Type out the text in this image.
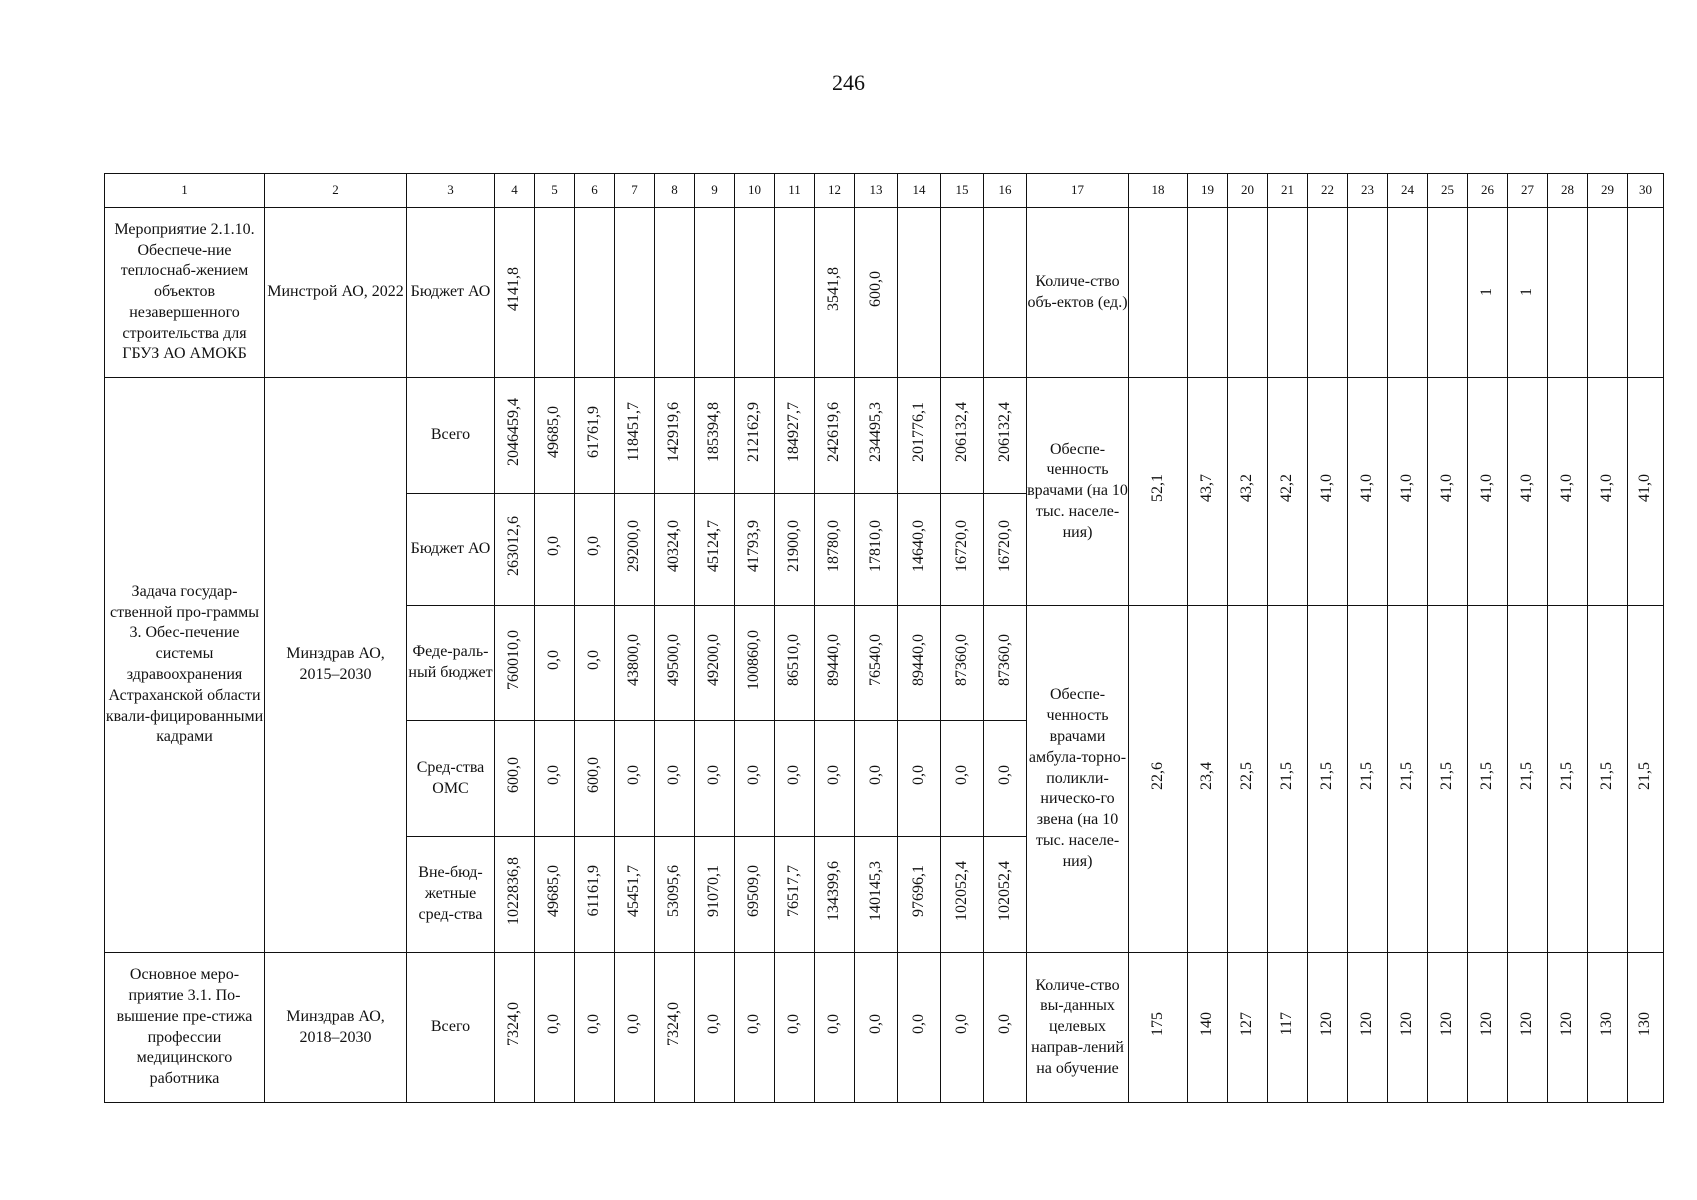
246
1	2	3	4	5	6	7	8	9	10	11	12	13	14	15	16	17	18	19	20	21	22	23	24	25	26	27	28	29	30
Мероприятие 2.1.10. Обеспече-ние теплоснаб-жением объектов незавершенного строительства для ГБУЗ АО АМОКБ	Минстрой АО, 2022	Бюджет АО	4141,8								3541,8	600,0				Количе-ство объ-ектов (ед.)									1	1			
Задача государ-ственной про-граммы 3. Обес-печение системы здравоохранения Астраханской области квали-фицированными кадрами	Минздрав АО, 2015–2030	Всего	2046459,4	49685,0	61761,9	118451,7	142919,6	185394,8	212162,9	184927,7	242619,6	234495,3	201776,1	206132,4	206132,4	Обеспе-ченность врачами (на 10 тыс. населе-ния)	52,1	43,7	43,2	42,2	41,0	41,0	41,0	41,0	41,0	41,0	41,0	41,0	41,0
		Бюджет АО	263012,6	0,0	0,0	29200,0	40324,0	45124,7	41793,9	21900,0	18780,0	17810,0	14640,0	16720,0	16720,0														
		Феде-раль-ный бюджет	760010,0	0,0	0,0	43800,0	49500,0	49200,0	100860,0	86510,0	89440,0	76540,0	89440,0	87360,0	87360,0	Обеспе-ченность врачами амбула-торно-поликли-ническо-го звена (на 10 тыс. населе-ния)	22,6	23,4	22,5	21,5	21,5	21,5	21,5	21,5	21,5	21,5	21,5	21,5	21,5
		Сред-ства ОМС	600,0	0,0	600,0	0,0	0,0	0,0	0,0	0,0	0,0	0,0	0,0	0,0	0,0														
		Вне-бюд-жетные сред-ства	1022836,8	49685,0	61161,9	45451,7	53095,6	91070,1	69509,0	76517,7	134399,6	140145,3	97696,1	102052,4	102052,4														
Основное меро-приятие 3.1. По-вышение пре-стижа профессии медицинского работника	Минздрав АО, 2018–2030	Всего	7324,0	0,0	0,0	0,0	7324,0	0,0	0,0	0,0	0,0	0,0	0,0	0,0	0,0	Количе-ство вы-данных целевых направ-лений на обучение	175	140	127	117	120	120	120	120	120	120	120	130	130
